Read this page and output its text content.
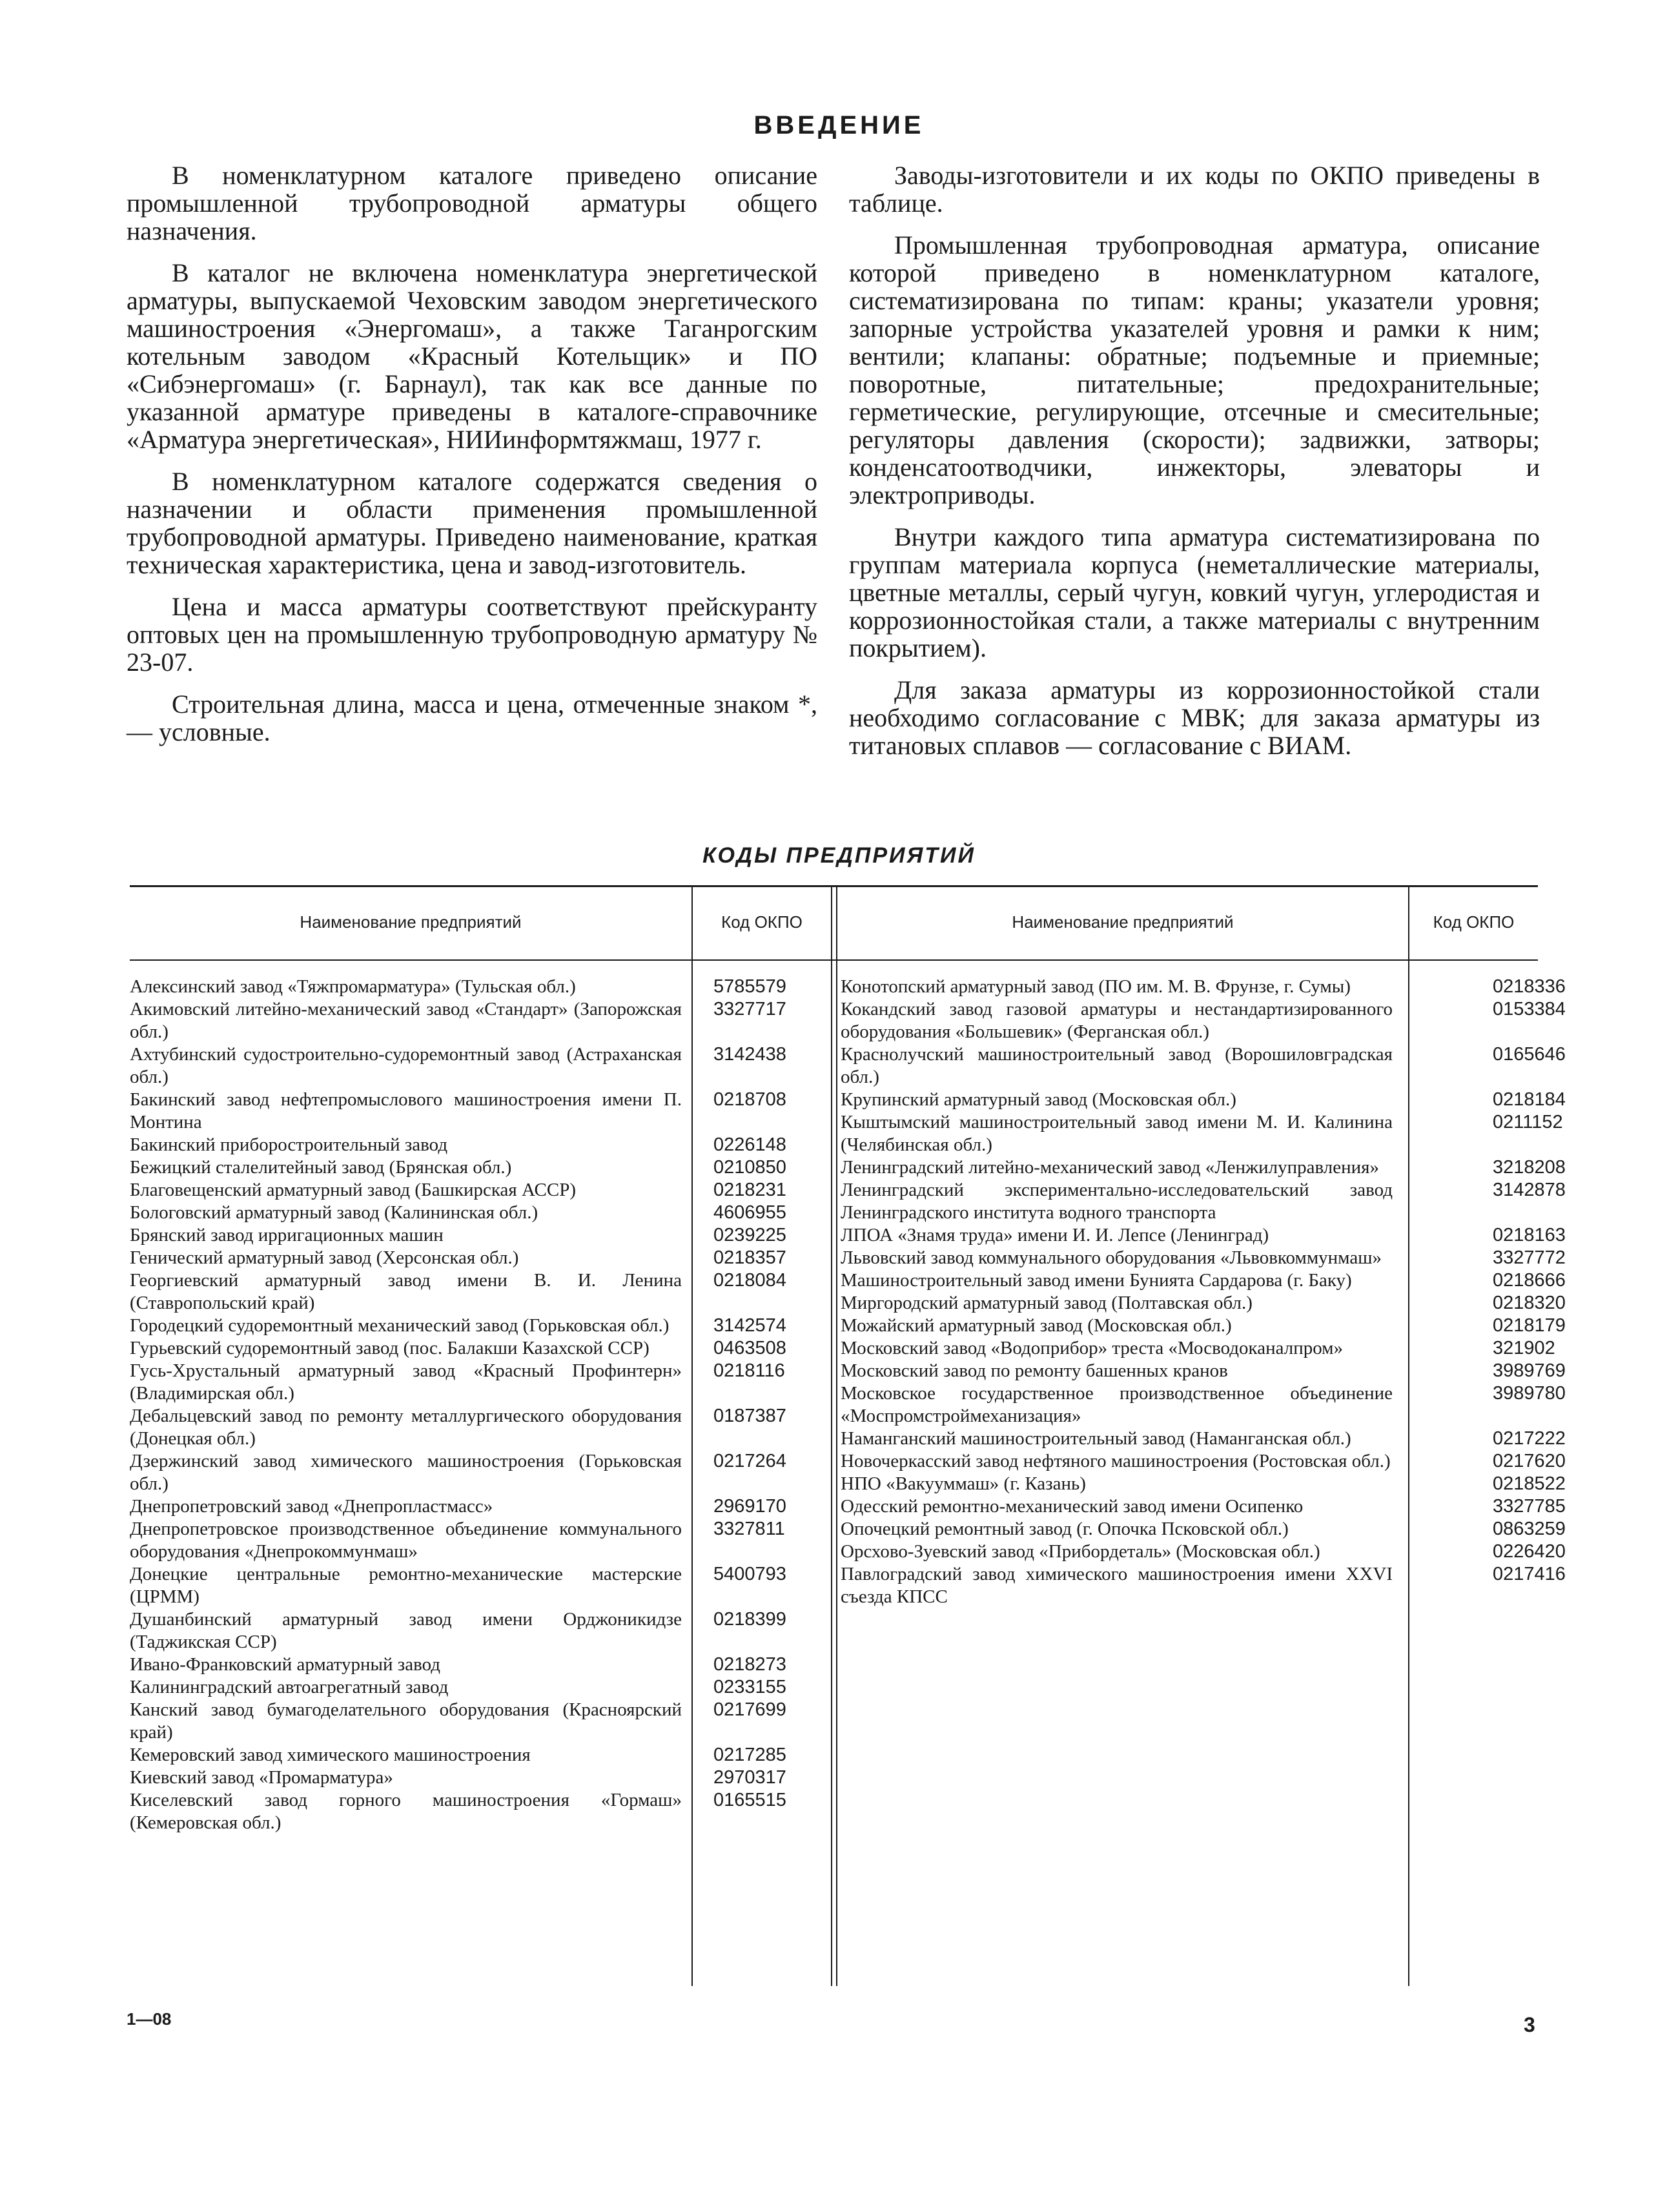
ВВЕДЕНИЕ

В номенклатурном каталоге приведено описание промышленной трубопроводной арматуры общего назначения.

В каталог не включена номенклатура энергетической арматуры, выпускаемой Чеховским заводом энергетического машиностроения «Энергомаш», а также Таганрогским котельным заводом «Красный Котельщик» и ПО «Сибэнергомаш» (г. Барнаул), так как все данные по указанной арматуре приведены в каталоге-справочнике «Арматура энергетическая», НИИинформтяжмаш, 1977 г.

В номенклатурном каталоге содержатся сведения о назначении и области применения промышленной трубопроводной арматуры. Приведено наименование, краткая техническая характеристика, цена и завод-изготовитель.

Цена и масса арматуры соответствуют прейскуранту оптовых цен на промышленную трубопроводную арматуру № 23-07.

Строительная длина, масса и цена, отмеченные знаком *, — условные.

Заводы-изготовители и их коды по ОКПО приведены в таблице.

Промышленная трубопроводная арматура, описание которой приведено в номенклатурном каталоге, систематизирована по типам: краны; указатели уровня; запорные устройства указателей уровня и рамки к ним; вентили; клапаны: обратные; подъемные и приемные; поворотные, питательные; предохранительные; герметические, регулирующие, отсечные и смесительные; регуляторы давления (скорости); задвижки, затворы; конденсатоотводчики, инжекторы, элеваторы и электроприводы.

Внутри каждого типа арматура систематизирована по группам материала корпуса (неметаллические материалы, цветные металлы, серый чугун, ковкий чугун, углеродистая и коррозионностойкая стали, а также материалы с внутренним покрытием).

Для заказа арматуры из коррозионностойкой стали необходимо согласование с МВК; для заказа арматуры из титановых сплавов — согласование с ВИАМ.

КОДЫ ПРЕДПРИЯТИЙ
Наименование предприятий	Код ОКПО	Наименование предприятий	Код ОКПО
Алексинский завод «Тяжпромарматура» (Тульская обл.)	5785579
Акимовский литейно-механический завод «Стандарт» (Запорожская обл.)
3327717
Ахтубинский судостроительно-судоремонтный завод (Астраханская обл.)
3142438
Бакинский завод нефтепромыслового машиностроения имени П. Монтина
0218708
Бакинский приборостроительный завод	0226148
Бежицкий сталелитейный завод (Брянская обл.)	0210850
Благовещенский арматурный завод (Башкирская АССР)	0218231
Бологовский арматурный завод (Калининская обл.)	4606955
Брянский завод ирригационных машин	0239225
Генический арматурный завод (Херсонская обл.)	0218357
Георгиевский арматурный завод имени В. И. Ленина (Ставропольский край)
0218084
Городецкий судоремонтный механический завод (Горьковская обл.)	3142574
Гурьевский судоремонтный завод (пос. Балакши Казахской ССР)	0463508
Гусь-Хрустальный арматурный завод «Красный Профинтерн» (Владимирская обл.)
0218116
Дебальцевский завод по ремонту металлургического оборудования (Донецкая обл.)
0187387
Дзержинский завод химического машиностроения (Горьковская обл.)
0217264
Днепропетровский завод «Днепропластмасс»	2969170
Днепропетровское производственное объединение коммунального оборудования «Днепрокоммунмаш»
3327811
Донецкие центральные ремонтно-механические мастерские (ЦРММ)
5400793
Душанбинский арматурный завод имени Орджоникидзе (Таджикская ССР)
0218399
Ивано-Франковский арматурный завод	0218273
Калининградский автоагрегатный завод	0233155
Канский завод бумагоделательного оборудования (Красноярский край)
0217699
Кемеровский завод химического машиностроения	0217285
Киевский завод «Промарматура»	2970317
Киселевский завод горного машиностроения «Гормаш» (Кемеровская обл.)
0165515
Конотопский арматурный завод (ПО им. М. В. Фрунзе, г. Сумы)	0218336
Кокандский завод газовой арматуры и нестандартизированного оборудования «Большевик» (Ферганская обл.)
0153384
Краснолучский машиностроительный завод (Ворошиловградская обл.)
0165646
Крупинский арматурный завод (Московская обл.)	0218184
Кыштымский машиностроительный завод имени М. И. Калинина (Челябинская обл.)
0211152
Ленинградский литейно-механический завод «Ленжилуправления»	3218208
Ленинградский экспериментально-исследовательский завод Ленинградского института водного транспорта
3142878
ЛПОА «Знамя труда» имени И. И. Лепсе (Ленинград)	0218163
Львовский завод коммунального оборудования «Львовкоммунмаш»	3327772
Машиностроительный завод имени Бунията Сардарова (г. Баку)	0218666
Миргородский арматурный завод (Полтавская обл.)	0218320
Можайский арматурный завод (Московская обл.)	0218179
Московский завод «Водоприбор» треста «Мосводоканалпром»	321902
Московский завод по ремонту башенных кранов	3989769
Московское государственное производственное объединение «Моспромстроймеханизация»
3989780
Наманганский машиностроительный завод (Наманганская обл.)	0217222
Новочеркасский завод нефтяного машиностроения (Ростовская обл.)	0217620
НПО «Вакууммаш» (г. Казань)	0218522
Одесский ремонтно-механический завод имени Осипенко	3327785
Опочецкий ремонтный завод (г. Опочка Псковской обл.)	0863259
Орсхово-Зуевский завод «Прибордеталь» (Московская обл.)	0226420
Павлоградский завод химического машиностроения имени XXVI съезда КПСС
0217416
1—08	3
